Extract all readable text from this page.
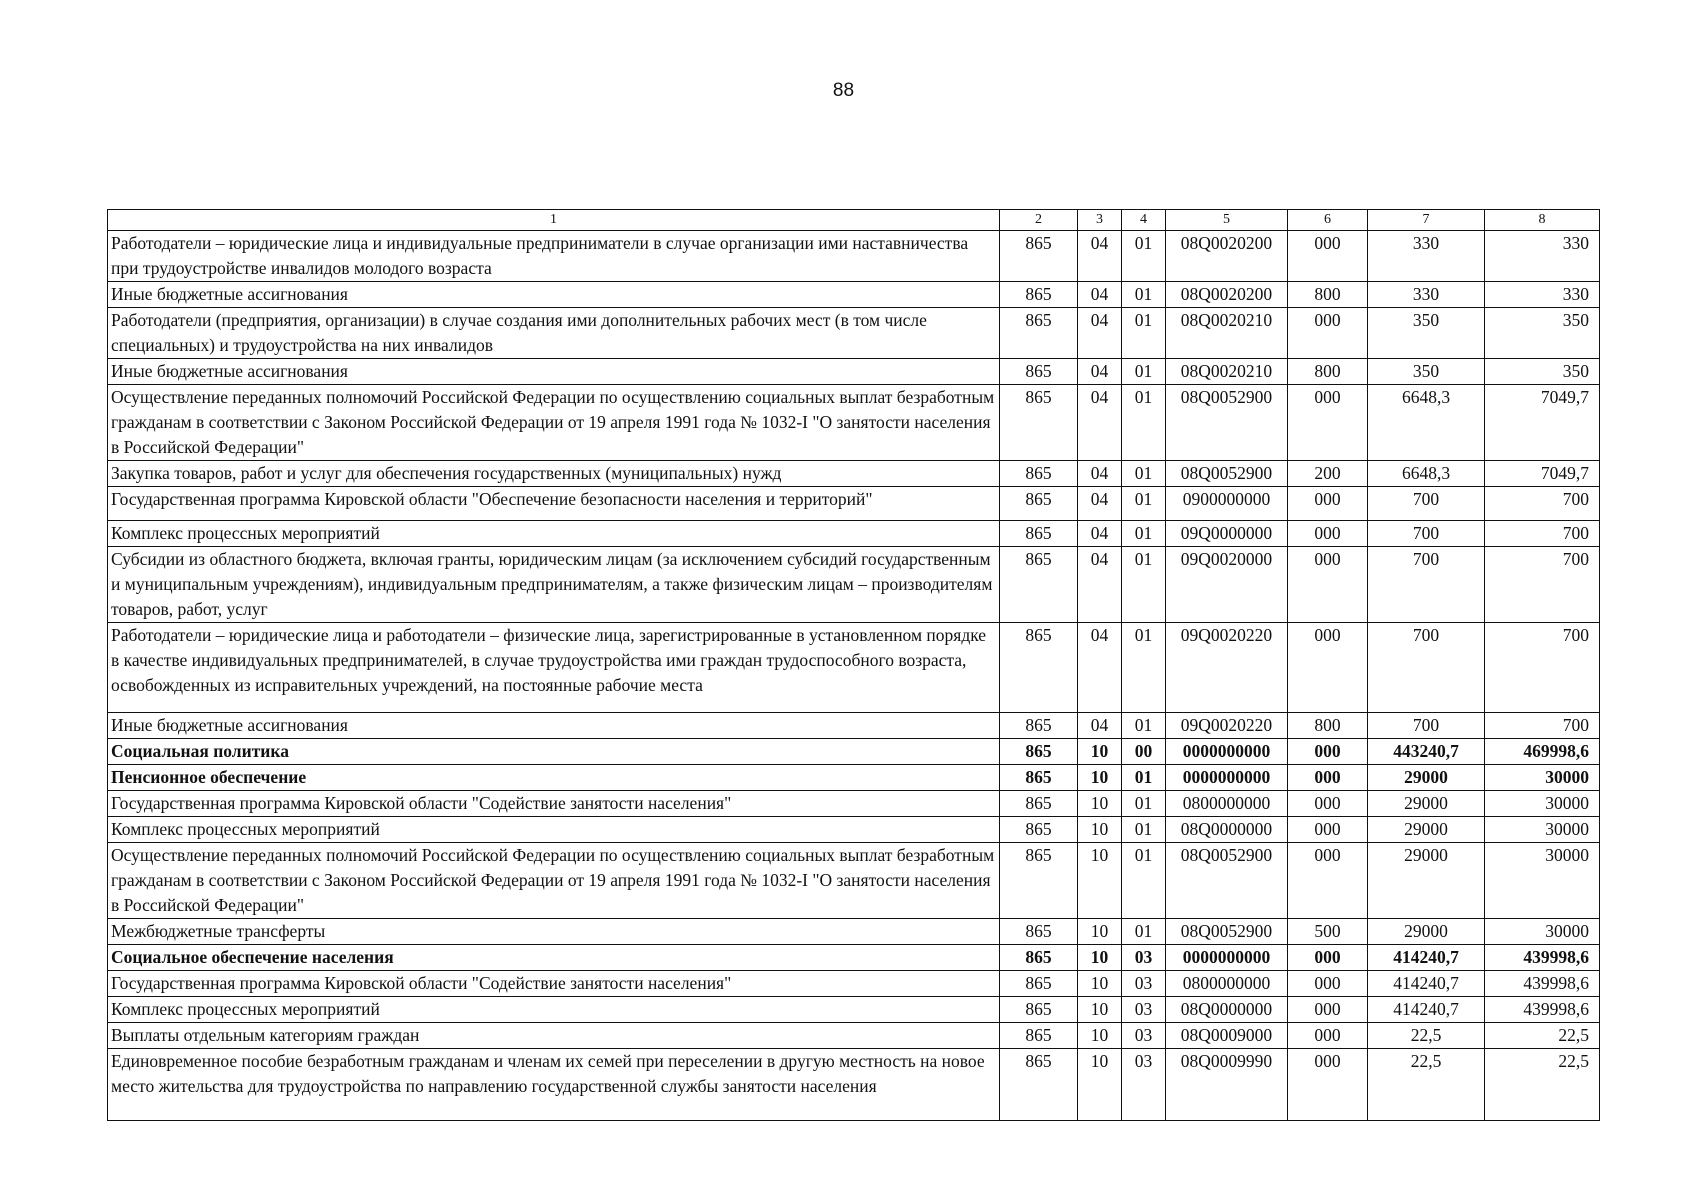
88
1	2	3	4	5	6	7	8
Работодатели – юридические лица и индивидуальные предприниматели в случае организации ими наставничества при трудоустройстве инвалидов молодого возраста	865	04	01	08Q0020200	000	330	330
Иные бюджетные ассигнования	865	04	01	08Q0020200	800	330	330
Работодатели (предприятия, организации) в случае создания ими дополнительных рабочих мест (в том числе специальных) и трудоустройства на них инвалидов	865	04	01	08Q0020210	000	350	350
Иные бюджетные ассигнования	865	04	01	08Q0020210	800	350	350
Осуществление переданных полномочий Российской Федерации по осуществлению социальных выплат безработным гражданам в соответствии с Законом Российской Федерации от 19 апреля 1991 года № 1032-I "О занятости населения в Российской Федерации"	865	04	01	08Q0052900	000	6648,3	7049,7
Закупка товаров, работ и услуг для обеспечения государственных (муниципальных) нужд	865	04	01	08Q0052900	200	6648,3	7049,7
Государственная программа Кировской области "Обеспечение безопасности населения и территорий"	865	04	01	0900000000	000	700	700
Комплекс процессных мероприятий	865	04	01	09Q0000000	000	700	700
Субсидии из областного бюджета, включая гранты, юридическим лицам (за исключением субсидий государственным и муниципальным учреждениям), индивидуальным предпринимателям, а также физическим лицам – производителям товаров, работ, услуг	865	04	01	09Q0020000	000	700	700
Работодатели – юридические лица и работодатели – физические лица, зарегистрированные в установленном порядке в качестве индивидуальных предпринимателей, в случае трудоустройства ими граждан трудоспособного возраста, освобожденных из исправительных учреждений, на постоянные рабочие места	865	04	01	09Q0020220	000	700	700
Иные бюджетные ассигнования	865	04	01	09Q0020220	800	700	700
Социальная политика	865	10	00	0000000000	000	443240,7	469998,6
Пенсионное обеспечение	865	10	01	0000000000	000	29000	30000
Государственная программа Кировской области "Содействие занятости населения"	865	10	01	0800000000	000	29000	30000
Комплекс процессных мероприятий	865	10	01	08Q0000000	000	29000	30000
Осуществление переданных полномочий Российской Федерации по осуществлению социальных выплат безработным гражданам в соответствии с Законом Российской Федерации от 19 апреля 1991 года № 1032-I "О занятости населения в Российской Федерации"	865	10	01	08Q0052900	000	29000	30000
Межбюджетные трансферты	865	10	01	08Q0052900	500	29000	30000
Социальное обеспечение населения	865	10	03	0000000000	000	414240,7	439998,6
Государственная программа Кировской области "Содействие занятости населения"	865	10	03	0800000000	000	414240,7	439998,6
Комплекс процессных мероприятий	865	10	03	08Q0000000	000	414240,7	439998,6
Выплаты отдельным категориям граждан	865	10	03	08Q0009000	000	22,5	22,5
Единовременное пособие безработным гражданам и членам их семей при переселении в другую местность на новое место жительства для трудоустройства по направлению государственной службы занятости населения	865	10	03	08Q0009990	000	22,5	22,5
